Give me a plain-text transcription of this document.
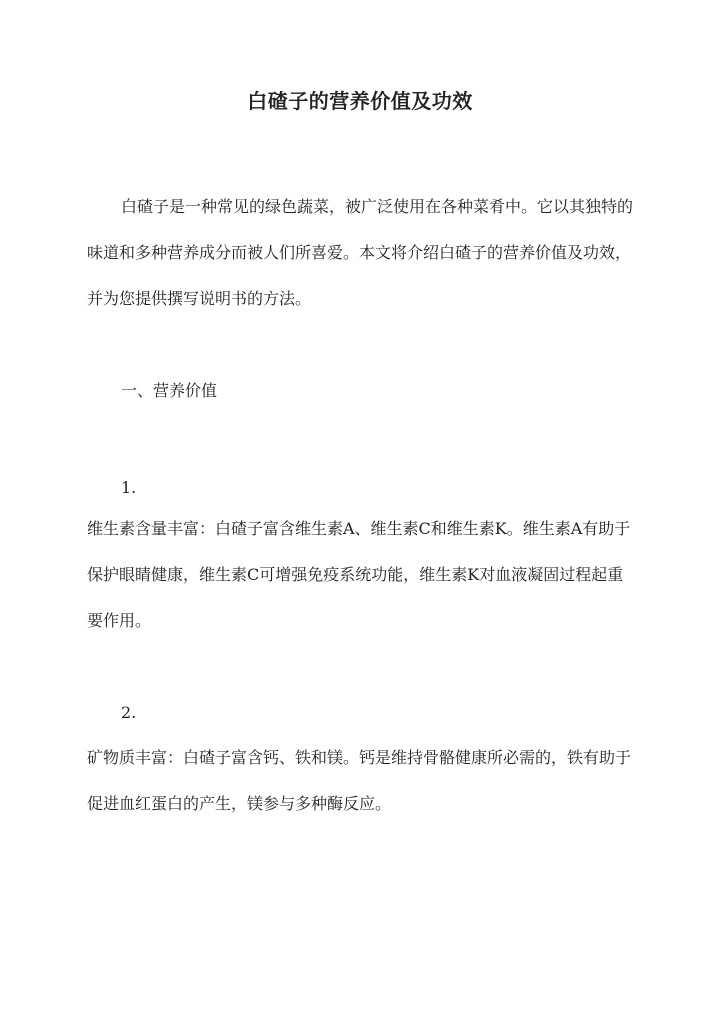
白碴子的营养价值及功效

白碴子是一种常见的绿色蔬菜，被广泛使用在各种菜肴中。它以其独特的味道和多种营养成分而被人们所喜爱。本文将介绍白碴子的营养价值及功效，并为您提供撰写说明书的方法。

一、营养价值
1.

维生素含量丰富：白碴子富含维生素A、维生素C和维生素K。维生素A有助于保护眼睛健康，维生素C可增强免疫系统功能，维生素K对血液凝固过程起重要作用。

2.

矿物质丰富：白碴子富含钙、铁和镁。钙是维持骨骼健康所必需的，铁有助于促进血红蛋白的产生，镁参与多种酶反应。
